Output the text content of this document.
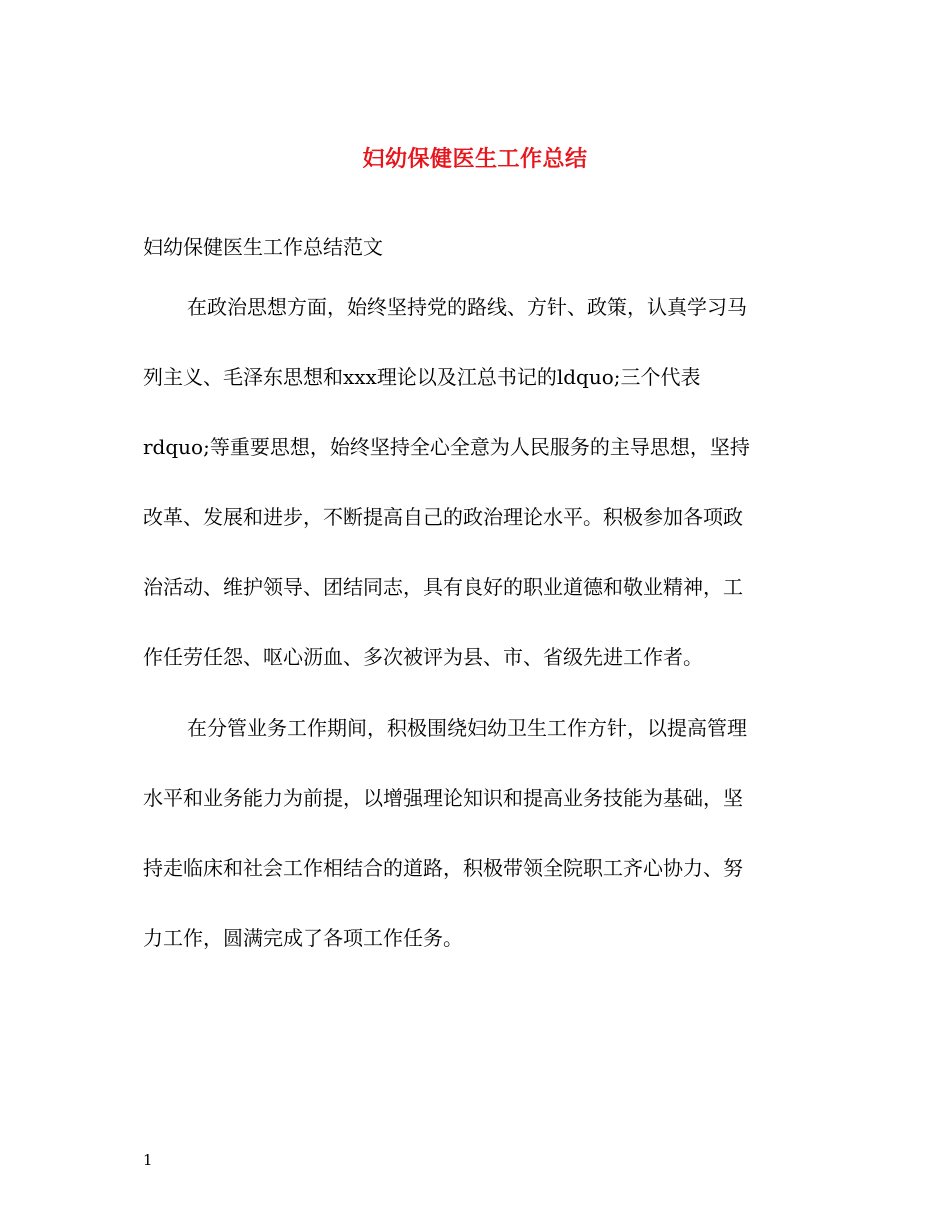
妇幼保健医生工作总结
妇幼保健医生工作总结范文
在政治思想方面，始终坚持党的路线、方针、政策，认真学习马
列主义、毛泽东思想和xxx理论以及江总书记的ldquo;三个代表
rdquo;等重要思想，始终坚持全心全意为人民服务的主导思想，坚持
改革、发展和进步，不断提高自己的政治理论水平。积极参加各项政
治活动、维护领导、团结同志，具有良好的职业道德和敬业精神，工
作任劳任怨、呕心沥血、多次被评为县、市、省级先进工作者。
在分管业务工作期间，积极围绕妇幼卫生工作方针，以提高管理
水平和业务能力为前提，以增强理论知识和提高业务技能为基础，坚
持走临床和社会工作相结合的道路，积极带领全院职工齐心协力、努
力工作，圆满完成了各项工作任务。
1
